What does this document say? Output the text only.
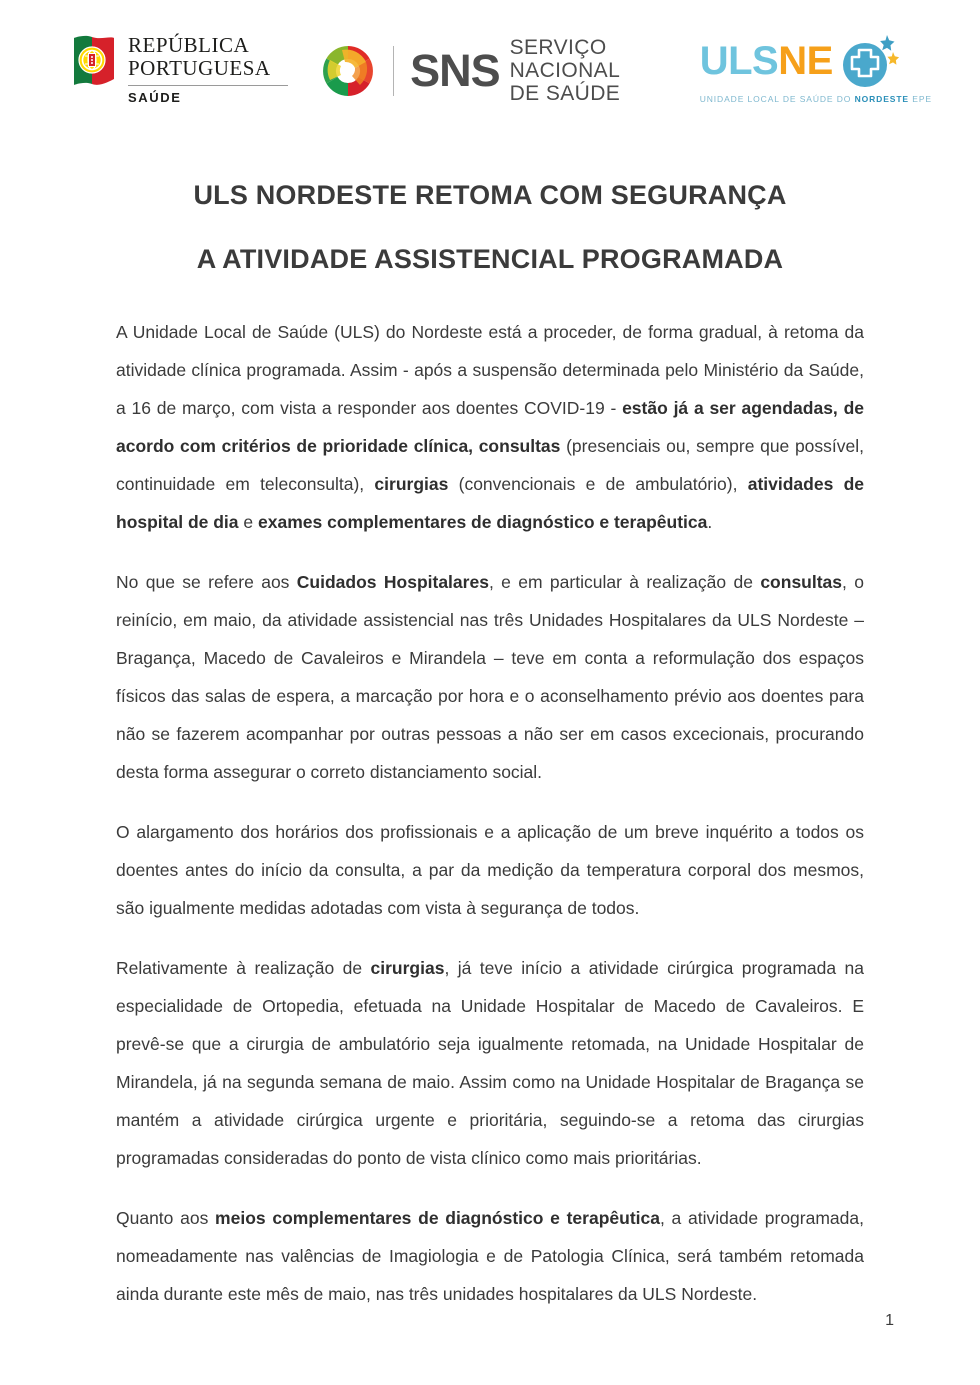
REPÚBLICA
PORTUGUESA
SAÚDE
SNS SERVIÇO NACIONAL
DE SAÚDE
ULS NE
UNIDADE LOCAL DE SAÚDE DO NORDESTE EPE
ULS NORDESTE RETOMA COM SEGURANÇA
A ATIVIDADE ASSISTENCIAL PROGRAMADA

A Unidade Local de Saúde (ULS) do Nordeste está a proceder, de forma gradual, à retoma da atividade clínica programada. Assim - após a suspensão determinada pelo Ministério da Saúde, a 16 de março, com vista a responder aos doentes COVID-19 - estão já a ser agendadas, de acordo com critérios de prioridade clínica, consultas (presenciais ou, sempre que possível, continuidade em teleconsulta), cirurgias (convencionais e de ambulatório), atividades de hospital de dia e exames complementares de diagnóstico e terapêutica.

No que se refere aos Cuidados Hospitalares, e em particular à realização de consultas, o reinício, em maio, da atividade assistencial nas três Unidades Hospitalares da ULS Nordeste – Bragança, Macedo de Cavaleiros e Mirandela – teve em conta a reformulação dos espaços físicos das salas de espera, a marcação por hora e o aconselhamento prévio aos doentes para não se fazerem acompanhar por outras pessoas a não ser em casos excecionais, procurando desta forma assegurar o correto distanciamento social.

O alargamento dos horários dos profissionais e a aplicação de um breve inquérito a todos os doentes antes do início da consulta, a par da medição da temperatura corporal dos mesmos, são igualmente medidas adotadas com vista à segurança de todos.

Relativamente à realização de cirurgias, já teve início a atividade cirúrgica programada na especialidade de Ortopedia, efetuada na Unidade Hospitalar de Macedo de Cavaleiros. E prevê-se que a cirurgia de ambulatório seja igualmente retomada, na Unidade Hospitalar de Mirandela, já na segunda semana de maio. Assim como na Unidade Hospitalar de Bragança se mantém a atividade cirúrgica urgente e prioritária, seguindo-se a retoma das cirurgias programadas consideradas do ponto de vista clínico como mais prioritárias.

Quanto aos meios complementares de diagnóstico e terapêutica, a atividade programada, nomeadamente nas valências de Imagiologia e de Patologia Clínica, será também retomada ainda durante este mês de maio, nas três unidades hospitalares da ULS Nordeste.

1
